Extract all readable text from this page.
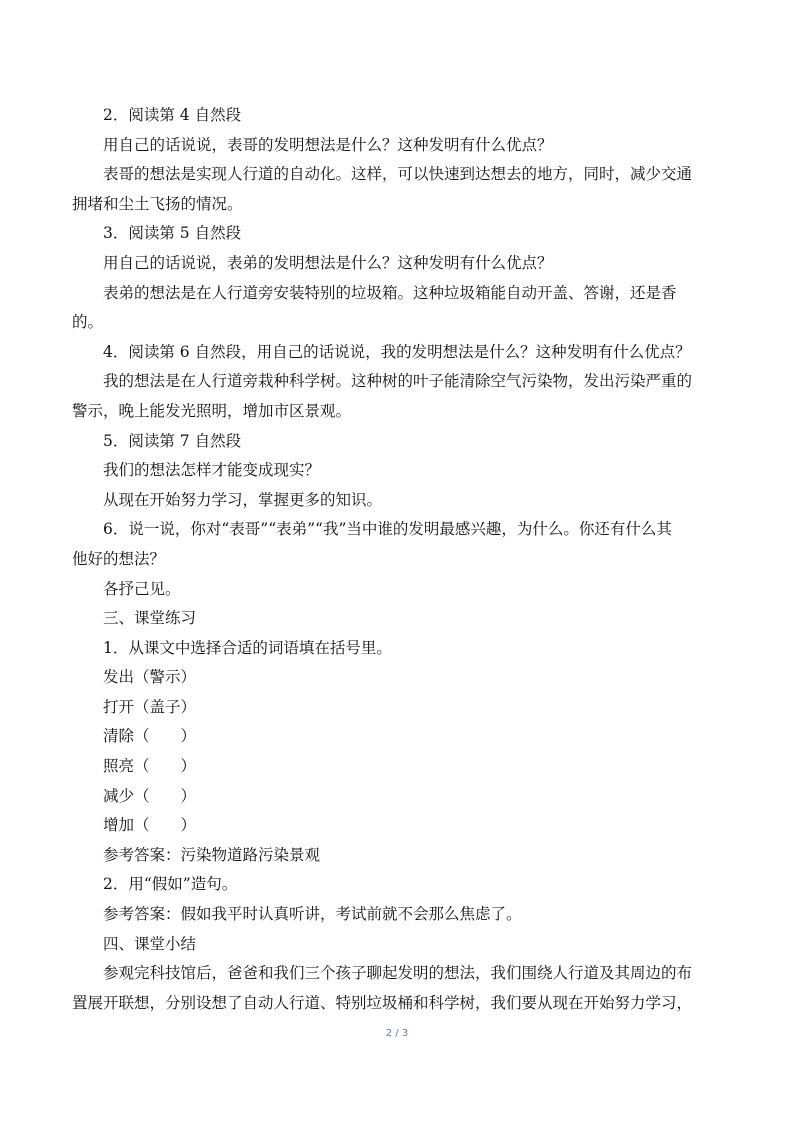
2．阅读第 4 自然段
用自己的话说说，表哥的发明想法是什么？这种发明有什么优点？
表哥的想法是实现人行道的自动化。这样，可以快速到达想去的地方，同时，减少交通
拥堵和尘土飞扬的情况。
3．阅读第 5 自然段
用自己的话说说，表弟的发明想法是什么？这种发明有什么优点？
表弟的想法是在人行道旁安装特别的垃圾箱。这种垃圾箱能自动开盖、答谢，还是香
的。
4．阅读第 6 自然段，用自己的话说说，我的发明想法是什么？这种发明有什么优点？
我的想法是在人行道旁栽种科学树。这种树的叶子能清除空气污染物，发出污染严重的
警示，晚上能发光照明，增加市区景观。
5．阅读第 7 自然段
我们的想法怎样才能变成现实？
从现在开始努力学习，掌握更多的知识。
6．说一说，你对“表哥”“表弟”“我”当中谁的发明最感兴趣，为什么。你还有什么其
他好的想法？
各抒己见。
三、课堂练习
1．从课文中选择合适的词语填在括号里。
发出（警示）
打开（盖子）
清除（　　）
照亮（　　）
减少（　　）
增加（　　）
参考答案：污染物道路污染景观
2．用“假如”造句。
参考答案：假如我平时认真听讲，考试前就不会那么焦虑了。
四、课堂小结
参观完科技馆后，爸爸和我们三个孩子聊起发明的想法，我们围绕人行道及其周边的布
置展开联想，分别设想了自动人行道、特别垃圾桶和科学树，我们要从现在开始努力学习，
2 / 3
